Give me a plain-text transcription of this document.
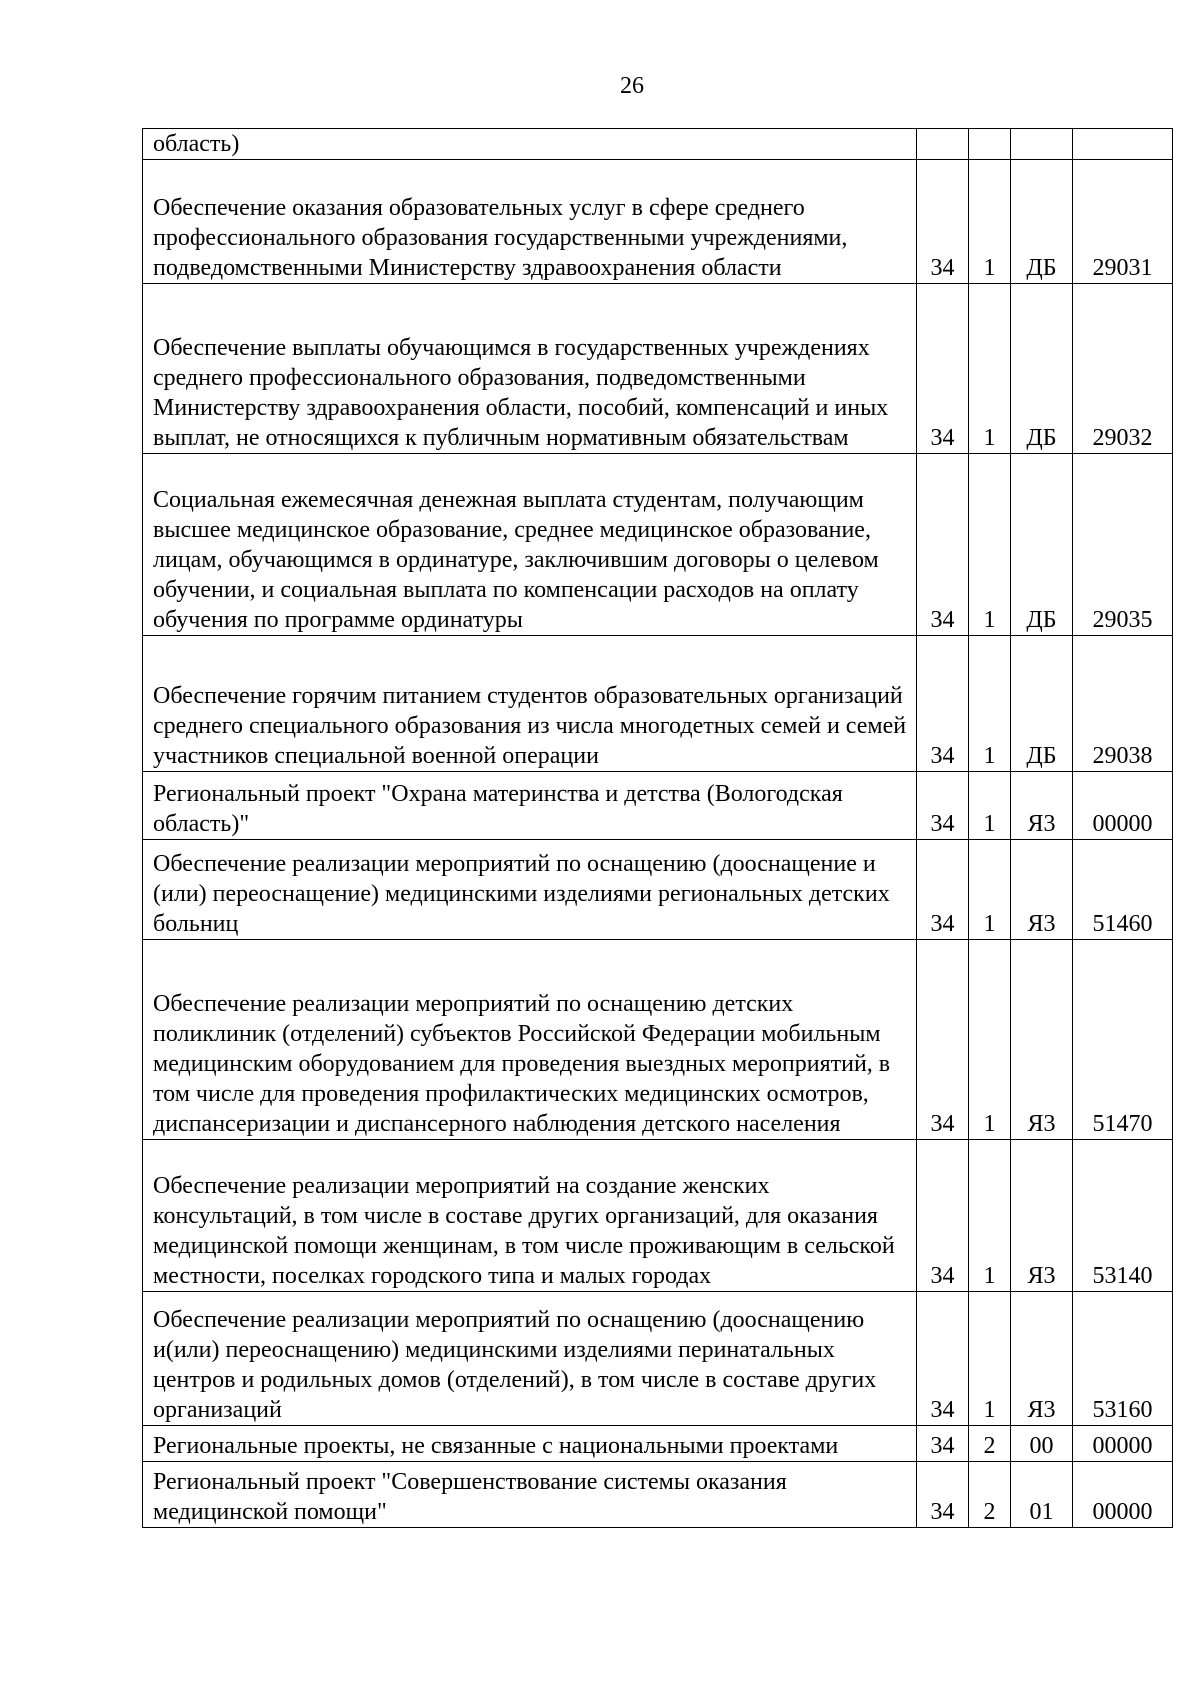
26
область)				
Обеспечение оказания образовательных услуг в сфере среднего профессионального образования государственными учреждениями, подведомственными Министерству здравоохранения области	34	1	ДБ	29031
Обеспечение выплаты обучающимся в государственных учреждениях среднего профессионального образования, подведомственными Министерству здравоохранения области, пособий, компенсаций и иных выплат, не относящихся к публичным нормативным обязательствам	34	1	ДБ	29032
Социальная ежемесячная денежная выплата студентам, получающим высшее медицинское образование, среднее медицинское образование, лицам, обучающимся в ординатуре, заключившим договоры о целевом обучении, и социальная выплата по компенсации расходов на оплату обучения по программе ординатуры	34	1	ДБ	29035
Обеспечение горячим питанием студентов образовательных организаций среднего специального образования из числа многодетных семей и семей участников специальной военной операции	34	1	ДБ	29038
Региональный проект "Охрана материнства и детства (Вологодская область)"	34	1	Я3	00000
Обеспечение реализации мероприятий по оснащению (дооснащение и (или) переоснащение) медицинскими изделиями региональных детских больниц	34	1	Я3	51460
Обеспечение реализации мероприятий по оснащению детских поликлиник (отделений) субъектов Российской Федерации мобильным медицинским оборудованием для проведения выездных мероприятий, в том числе для проведения профилактических медицинских осмотров, диспансеризации и диспансерного наблюдения детского населения	34	1	Я3	51470
Обеспечение реализации мероприятий на создание женских консультаций, в том числе в составе других организаций, для оказания медицинской помощи женщинам, в том числе проживающим в сельской местности, поселках городского типа и малых городах	34	1	Я3	53140
Обеспечение реализации мероприятий по оснащению (дооснащению и(или) переоснащению) медицинскими изделиями перинатальных центров и родильных домов (отделений), в том числе в составе других организаций	34	1	Я3	53160
Региональные проекты, не связанные с национальными проектами	34	2	00	00000
Региональный проект "Совершенствование системы оказания медицинской помощи"	34	2	01	00000
